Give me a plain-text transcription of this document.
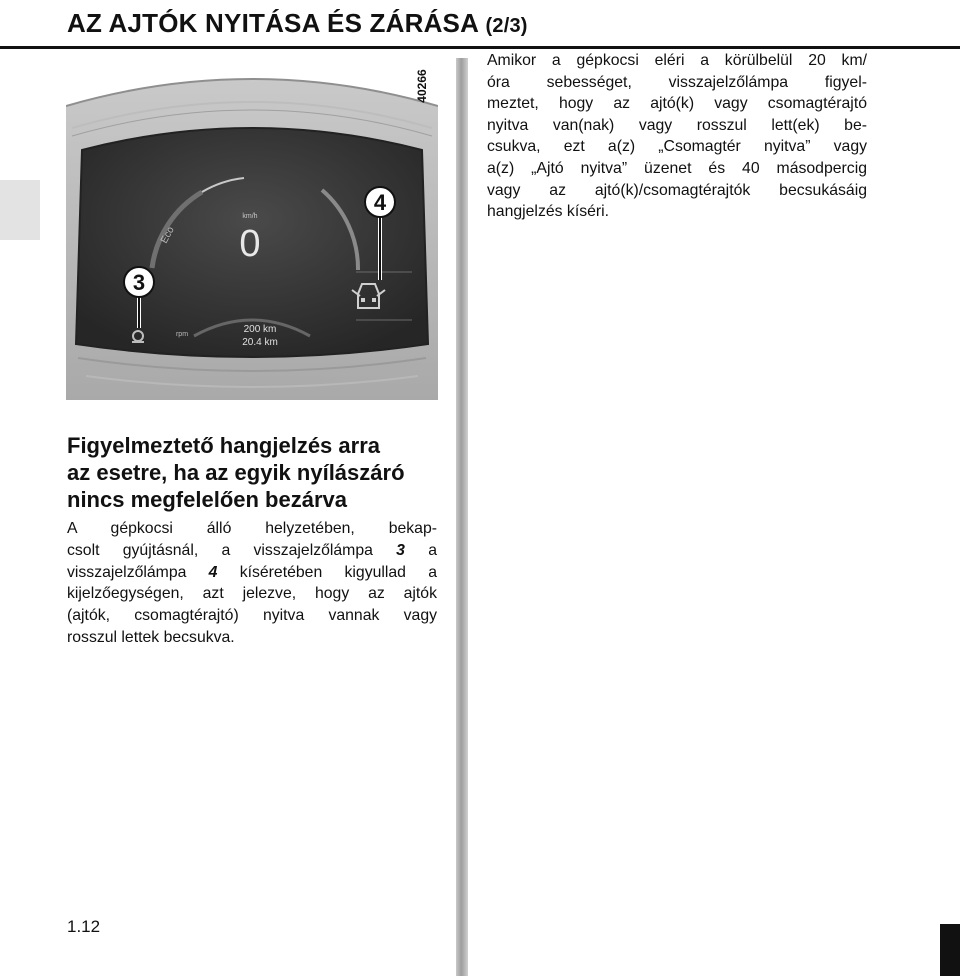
AZ AJTÓK NYITÁSA ÉS ZÁRÁSA (2/3)
km/h
0
Eco
rpm	200 km
20.4 km
3
4
40266
Amikor a gépkocsi eléri a körülbelül 20 km/
óra sebességet, visszajelzőlámpa figyel-
meztet, hogy az ajtó(k) vagy csomagtérajtó
nyitva van(nak) vagy rosszul lett(ek) be-
csukva, ezt a(z) „Csomagtér nyitva” vagy
a(z) „Ajtó nyitva” üzenet és 40 másodpercig
vagy az ajtó(k)/csomagtérajtók becsukásáig
hangjelzés kíséri.
Figyelmeztető hangjelzés arra
az esetre, ha az egyik nyílászáró
nincs megfelelően bezárva
A gépkocsi álló helyzetében, bekap-
csolt gyújtásnál, a visszajelzőlámpa 3 a
visszajelzőlámpa 4 kíséretében kigyullad a
kijelzőegységen, azt jelezve, hogy az ajtók
(ajtók, csomagtérajtó) nyitva vannak vagy
rosszul lettek becsukva.
1.12
